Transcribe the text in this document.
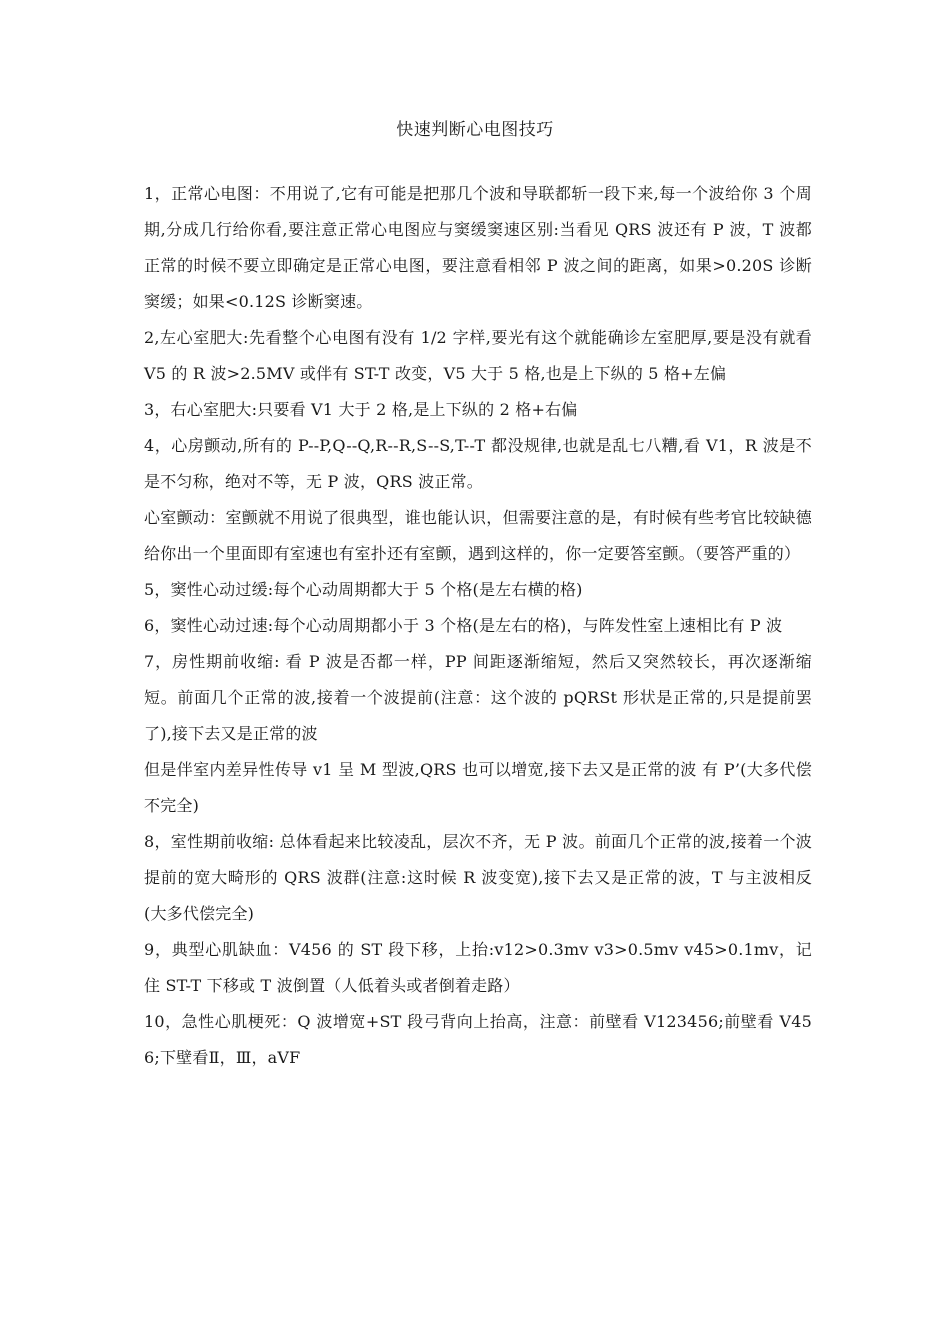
快速判断心电图技巧

1，正常心电图：不用说了,它有可能是把那几个波和导联都斩一段下来,每一个波给你 3 个周期,分成几行给你看,要注意正常心电图应与窦缓窦速区别:当看见 QRS 波还有 P 波，T 波都正常的时候不要立即确定是正常心电图，要注意看相邻 P 波之间的距离，如果>0.20S 诊断窦缓；如果<0.12S 诊断窦速。

2,左心室肥大:先看整个心电图有没有 1/2 字样,要光有这个就能确诊左室肥厚,要是没有就看 V5 的 R 波>2.5MV 或伴有 ST-T 改变，V5 大于 5 格,也是上下纵的 5 格+左偏

3，右心室肥大:只要看 V1 大于 2 格,是上下纵的 2 格+右偏

4，心房颤动,所有的 P--P,Q--Q,R--R,S--S,T--T 都没规律,也就是乱七八糟,看 V1，R 波是不是不匀称，绝对不等，无 P 波，QRS 波正常。

心室颤动：室颤就不用说了很典型，谁也能认识，但需要注意的是，有时候有些考官比较缺德给你出一个里面即有室速也有室扑还有室颤，遇到这样的，你一定要答室颤。（要答严重的）

5，窦性心动过缓:每个心动周期都大于 5 个格(是左右横的格)

6，窦性心动过速:每个心动周期都小于 3 个格(是左右的格)，与阵发性室上速相比有 P 波

7，房性期前收缩: 看 P 波是否都一样，PP 间距逐渐缩短，然后又突然较长，再次逐渐缩短。前面几个正常的波,接着一个波提前(注意：这个波的 pQRSt 形状是正常的,只是提前罢了),接下去又是正常的波

但是伴室内差异性传导 v1 呈 M 型波,QRS 也可以增宽,接下去又是正常的波 有 P’(大多代偿不完全)

8，室性期前收缩: 总体看起来比较凌乱，层次不齐，无 P 波。前面几个正常的波,接着一个波提前的宽大畸形的 QRS 波群(注意:这时候 R 波变宽),接下去又是正常的波，T 与主波相反 (大多代偿完全)

9，典型心肌缺血：V456 的 ST 段下移，上抬:v12>0.3mv v3>0.5mv v45>0.1mv，记住 ST-T 下移或 T 波倒置（人低着头或者倒着走路）

10，急性心肌梗死：Q 波增宽+ST 段弓背向上抬高，注意：前壁看 V123456;前壁看 V456;下壁看Ⅱ，Ⅲ，aVF
